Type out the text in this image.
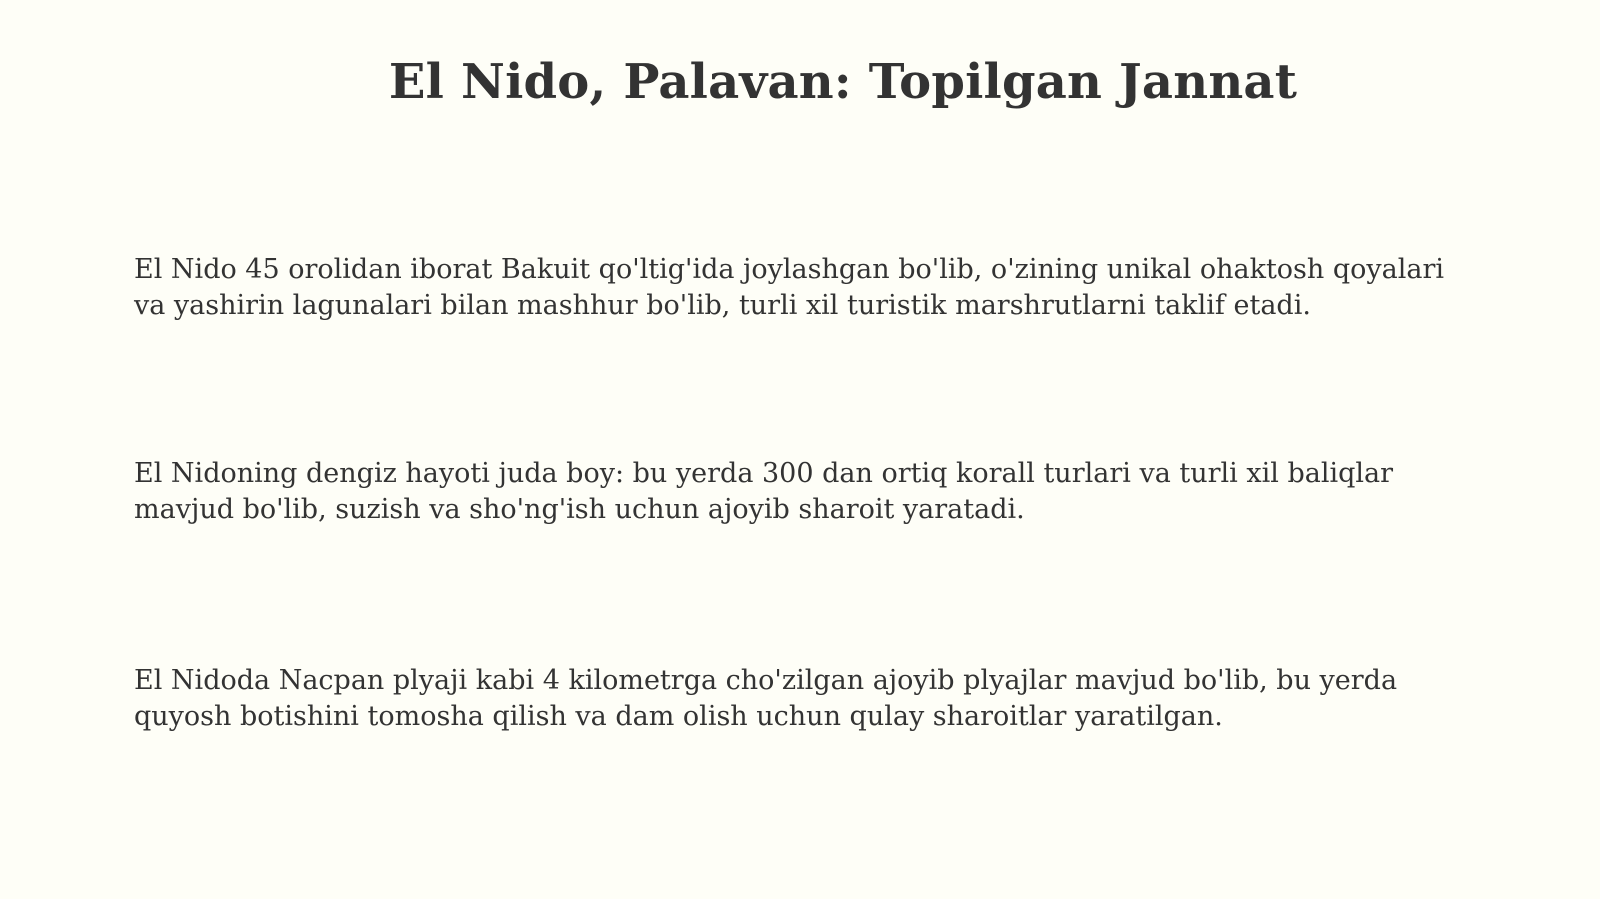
El Nido, Palavan: Topilgan Jannat

El Nido 45 orolidan iborat Bakuit qo'ltig'ida joylashgan bo'lib, o'zining unikal ohaktosh qoyalari va yashirin lagunalari bilan mashhur bo'lib, turli xil turistik marshrutlarni taklif etadi.

El Nidoning dengiz hayoti juda boy: bu yerda 300 dan ortiq korall turlari va turli xil baliqlar mavjud bo'lib, suzish va sho'ng'ish uchun ajoyib sharoit yaratadi.

El Nidoda Nacpan plyaji kabi 4 kilometrga cho'zilgan ajoyib plyajlar mavjud bo'lib, bu yerda quyosh botishini tomosha qilish va dam olish uchun qulay sharoitlar yaratilgan.
